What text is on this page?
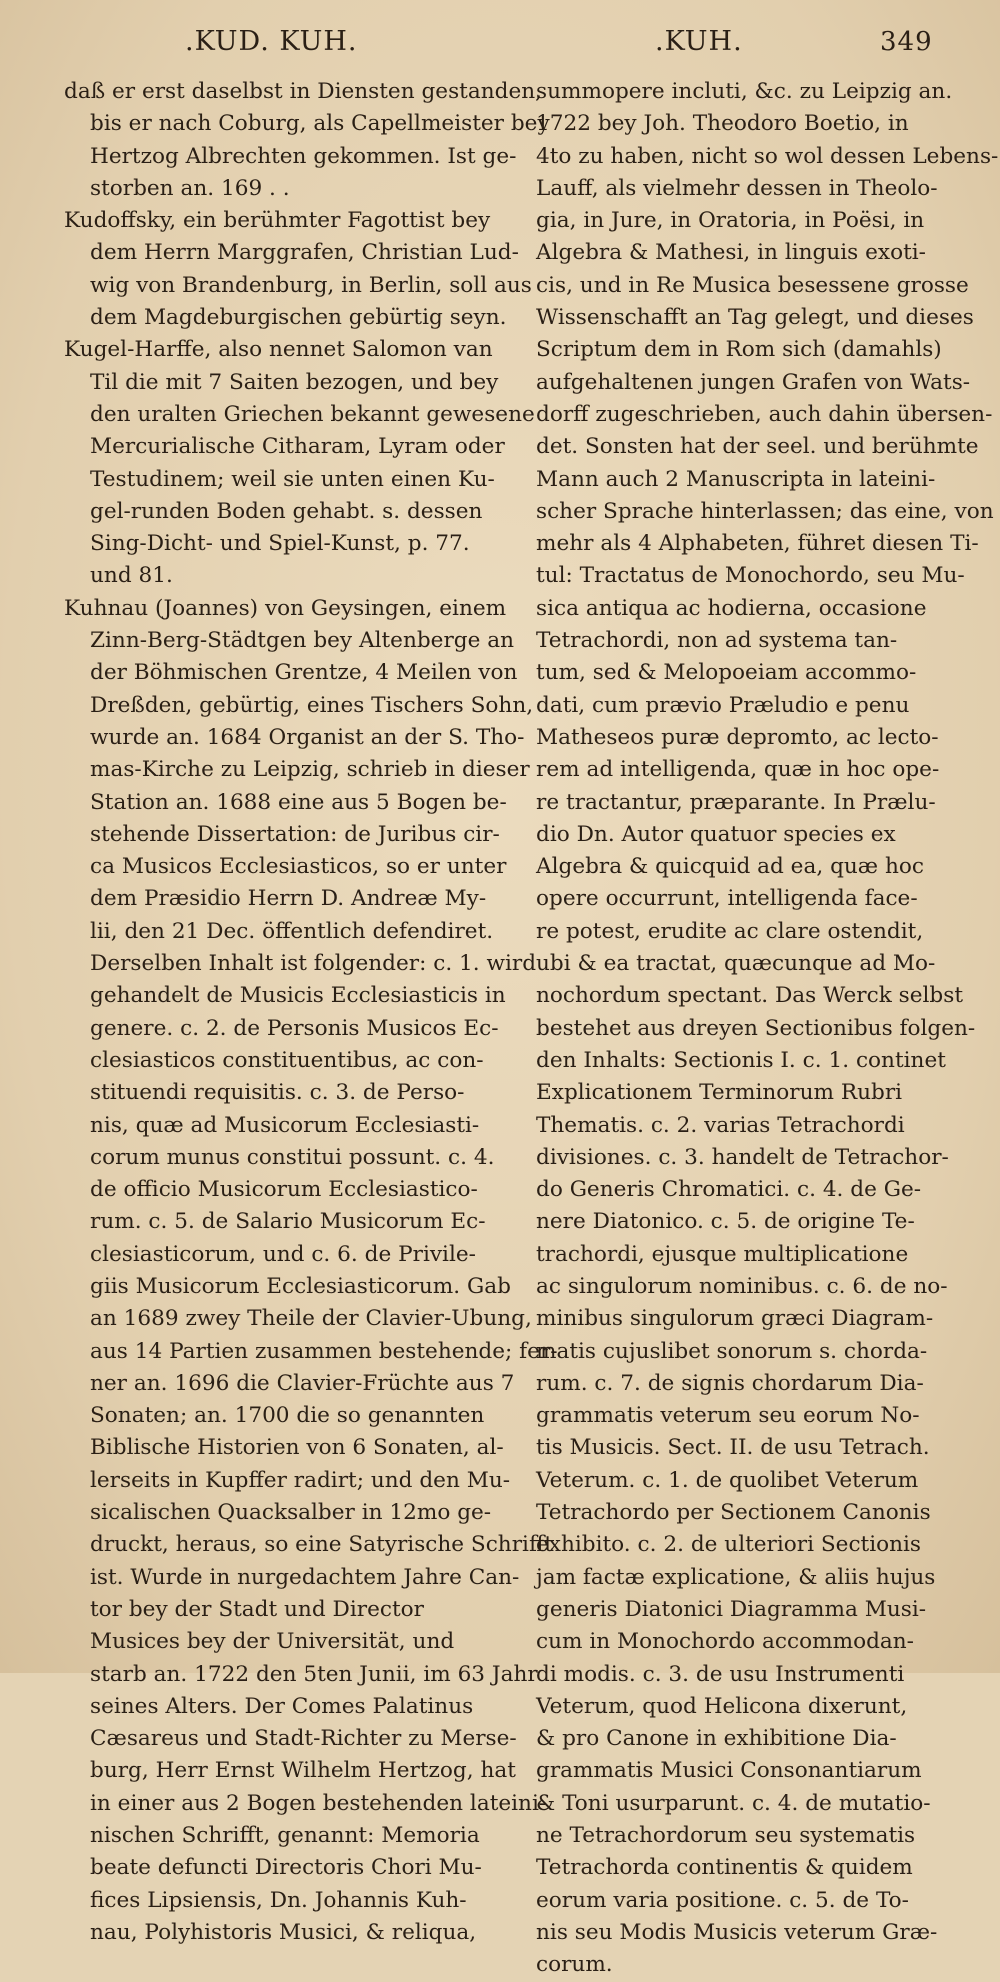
.KUD. KUH.	.KUH.	349
daß er erst daselbst in Diensten gestanden,
bis er nach Coburg, als Capellmeister bey
Hertzog Albrechten gekommen. Ist ge-
storben an. 169 . .
Kudoffsky, ein berühmter Fagottist bey
dem Herrn Marggrafen, Christian Lud-
wig von Brandenburg, in Berlin, soll aus
dem Magdeburgischen gebürtig seyn.
Kugel-Harffe, also nennet Salomon van
Til die mit 7 Saiten bezogen, und bey
den uralten Griechen bekannt gewesene
Mercurialische Citharam, Lyram oder
Testudinem; weil sie unten einen Ku-
gel-runden Boden gehabt. s. dessen
Sing-Dicht- und Spiel-Kunst, p. 77.
und 81.
Kuhnau (Joannes) von Geysingen, einem
Zinn-Berg-Städtgen bey Altenberge an
der Böhmischen Grentze, 4 Meilen von
Dreßden, gebürtig, eines Tischers Sohn,
wurde an. 1684 Organist an der S. Tho-
mas-Kirche zu Leipzig, schrieb in dieser
Station an. 1688 eine aus 5 Bogen be-
stehende Dissertation: de Juribus cir-
ca Musicos Ecclesiasticos, so er unter
dem Præsidio Herrn D. Andreæ My-
lii, den 21 Dec. öffentlich defendiret.
Derselben Inhalt ist folgender: c. 1. wird
gehandelt de Musicis Ecclesiasticis in
genere. c. 2. de Personis Musicos Ec-
clesiasticos constituentibus, ac con-
stituendi requisitis. c. 3. de Perso-
nis, quæ ad Musicorum Ecclesiasti-
corum munus constitui possunt. c. 4.
de officio Musicorum Ecclesiastico-
rum. c. 5. de Salario Musicorum Ec-
clesiasticorum, und c. 6. de Privile-
giis Musicorum Ecclesiasticorum. Gab
an 1689 zwey Theile der Clavier-Ubung,
aus 14 Partien zusammen bestehende; fer-
ner an. 1696 die Clavier-Früchte aus 7
Sonaten; an. 1700 die so genannten
Biblische Historien von 6 Sonaten, al-
lerseits in Kupffer radirt; und den Mu-
sicalischen Quacksalber in 12mo ge-
druckt, heraus, so eine Satyrische Schrifft
ist. Wurde in nurgedachtem Jahre Can-
tor bey der Stadt und Director
Musices bey der Universität, und
starb an. 1722 den 5ten Junii, im 63 Jahr
seines Alters. Der Comes Palatinus
Cæsareus und Stadt-Richter zu Merse-
burg, Herr Ernst Wilhelm Hertzog, hat
in einer aus 2 Bogen bestehenden lateini-
nischen Schrifft, genannt: Memoria
beate defuncti Directoris Chori Mu-
fices Lipsiensis, Dn. Johannis Kuh-
nau, Polyhistoris Musici, & reliqua,
summopere incluti, &c. zu Leipzig an.
1722 bey Joh. Theodoro Boetio, in
4to zu haben, nicht so wol dessen Lebens-
Lauff, als vielmehr dessen in Theolo-
gia, in Jure, in Oratoria, in Poësi, in
Algebra & Mathesi, in linguis exoti-
cis, und in Re Musica besessene grosse
Wissenschafft an Tag gelegt, und dieses
Scriptum dem in Rom sich (damahls)
aufgehaltenen jungen Grafen von Wats-
dorff zugeschrieben, auch dahin übersen-
det. Sonsten hat der seel. und berühmte
Mann auch 2 Manuscripta in lateini-
scher Sprache hinterlassen; das eine, von
mehr als 4 Alphabeten, führet diesen Ti-
tul: Tractatus de Monochordo, seu Mu-
sica antiqua ac hodierna, occasione
Tetrachordi, non ad systema tan-
tum, sed & Melopoeiam accommo-
dati, cum prævio Præludio e penu
Matheseos puræ depromto, ac lecto-
rem ad intelligenda, quæ in hoc ope-
re tractantur, præparante. In Prælu-
dio Dn. Autor quatuor species ex
Algebra & quicquid ad ea, quæ hoc
opere occurrunt, intelligenda face-
re potest, erudite ac clare ostendit,
ubi & ea tractat, quæcunque ad Mo-
nochordum spectant. Das Werck selbst
bestehet aus dreyen Sectionibus folgen-
den Inhalts: Sectionis I. c. 1. continet
Explicationem Terminorum Rubri
Thematis. c. 2. varias Tetrachordi
divisiones. c. 3. handelt de Tetrachor-
do Generis Chromatici. c. 4. de Ge-
nere Diatonico. c. 5. de origine Te-
trachordi, ejusque multiplicatione
ac singulorum nominibus. c. 6. de no-
minibus singulorum græci Diagram-
matis cujuslibet sonorum s. chorda-
rum. c. 7. de signis chordarum Dia-
grammatis veterum seu eorum No-
tis Musicis. Sect. II. de usu Tetrach.
Veterum. c. 1. de quolibet Veterum
Tetrachordo per Sectionem Canonis
exhibito. c. 2. de ulteriori Sectionis
jam factæ explicatione, & aliis hujus
generis Diatonici Diagramma Musi-
cum in Monochordo accommodan-
di modis. c. 3. de usu Instrumenti
Veterum, quod Helicona dixerunt,
& pro Canone in exhibitione Dia-
grammatis Musici Consonantiarum
& Toni usurparunt. c. 4. de mutatio-
ne Tetrachordorum seu systematis
Tetrachorda continentis & quidem
eorum varia positione. c. 5. de To-
nis seu Modis Musicis veterum Græ-
corum.
